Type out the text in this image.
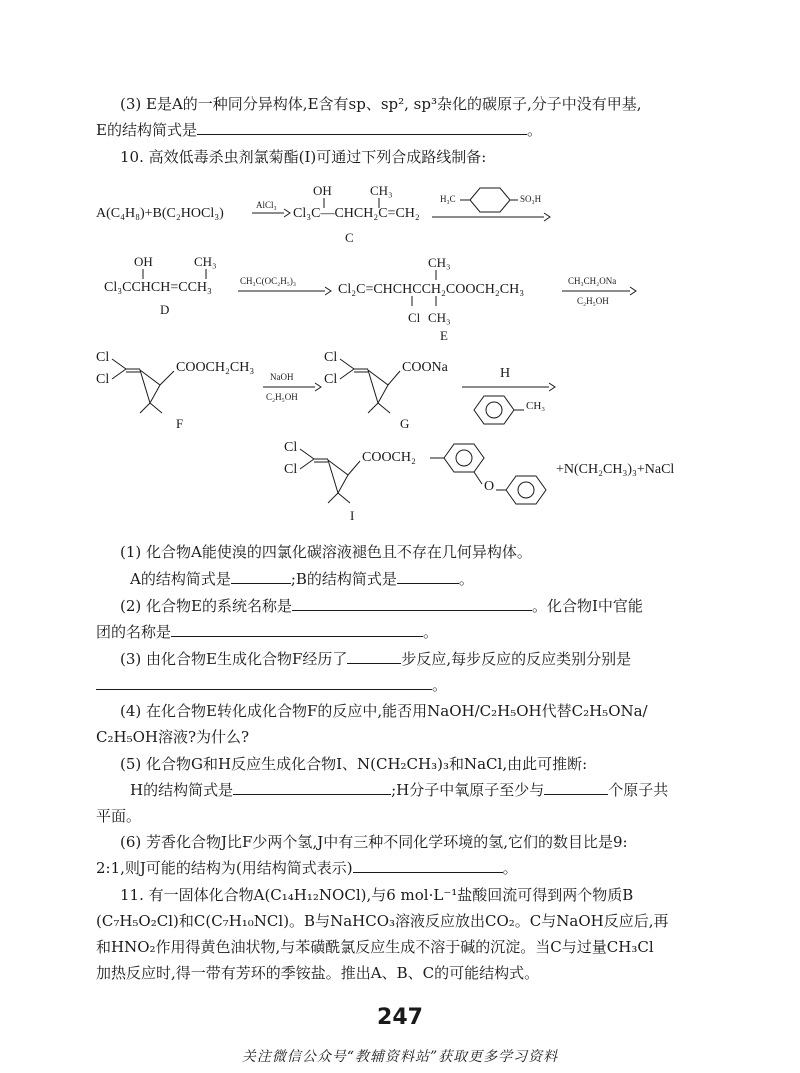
(3) E是A的一种同分异构体,E含有sp、sp², sp³杂化的碳原子,分子中没有甲基,
E的结构简式是	。
10. 高效低毒杀虫剂氯菊酯(I)可通过下列合成路线制备:
A(C₄H₈)+B(C₂HOCl₃)
AlCl₃
OH	CH₃
Cl₃C—CHCH₂C=CH₂
C
H₃C	SO₃H
OH	CH₃
Cl₃CCHCH=CCH₃
D
CH₃C(OC₂H₅)₃
CH₃
Cl₂C=CHCHCCH₂COOCH₂CH₃
Cl CH₃
E
CH₃CH₂ONa
C₂H₅OH
Cl
Cl
COOCH₂CH₃
F
NaOH
C₂H₅OH
Cl
Cl
COONa
G
H
CH₃
Cl
Cl
COOCH₂
O
I
+N(CH₂CH₃)₃+NaCl
(1) 化合物A能使溴的四氯化碳溶液褪色且不存在几何异构体。
A的结构简式是	;B的结构简式是	。
(2) 化合物E的系统名称是	。化合物I中官能
团的名称是	。
(3) 由化合物E生成化合物F经历了	步反应,每步反应的反应类别分别是
。
(4) 在化合物E转化成化合物F的反应中,能否用NaOH/C₂H₅OH代替C₂H₅ONa/
C₂H₅OH溶液?为什么?
(5) 化合物G和H反应生成化合物I、N(CH₂CH₃)₃和NaCl,由此可推断:
H的结构简式是	;H分子中氧原子至少与	个原子共
平面。
(6) 芳香化合物J比F少两个氢,J中有三种不同化学环境的氢,它们的数目比是9:
2:1,则J可能的结构为(用结构简式表示)	。
11. 有一固体化合物A(C₁₄H₁₂NOCl),与6 mol·L⁻¹盐酸回流可得到两个物质B
(C₇H₅O₂Cl)和C(C₇H₁₀NCl)。B与NaHCO₃溶液反应放出CO₂。C与NaOH反应后,再
和HNO₂作用得黄色油状物,与苯磺酰氯反应生成不溶于碱的沉淀。当C与过量CH₃Cl
加热反应时,得一带有芳环的季铵盐。推出A、B、C的可能结构式。
247
关注微信公众号“教辅资料站”获取更多学习资料
